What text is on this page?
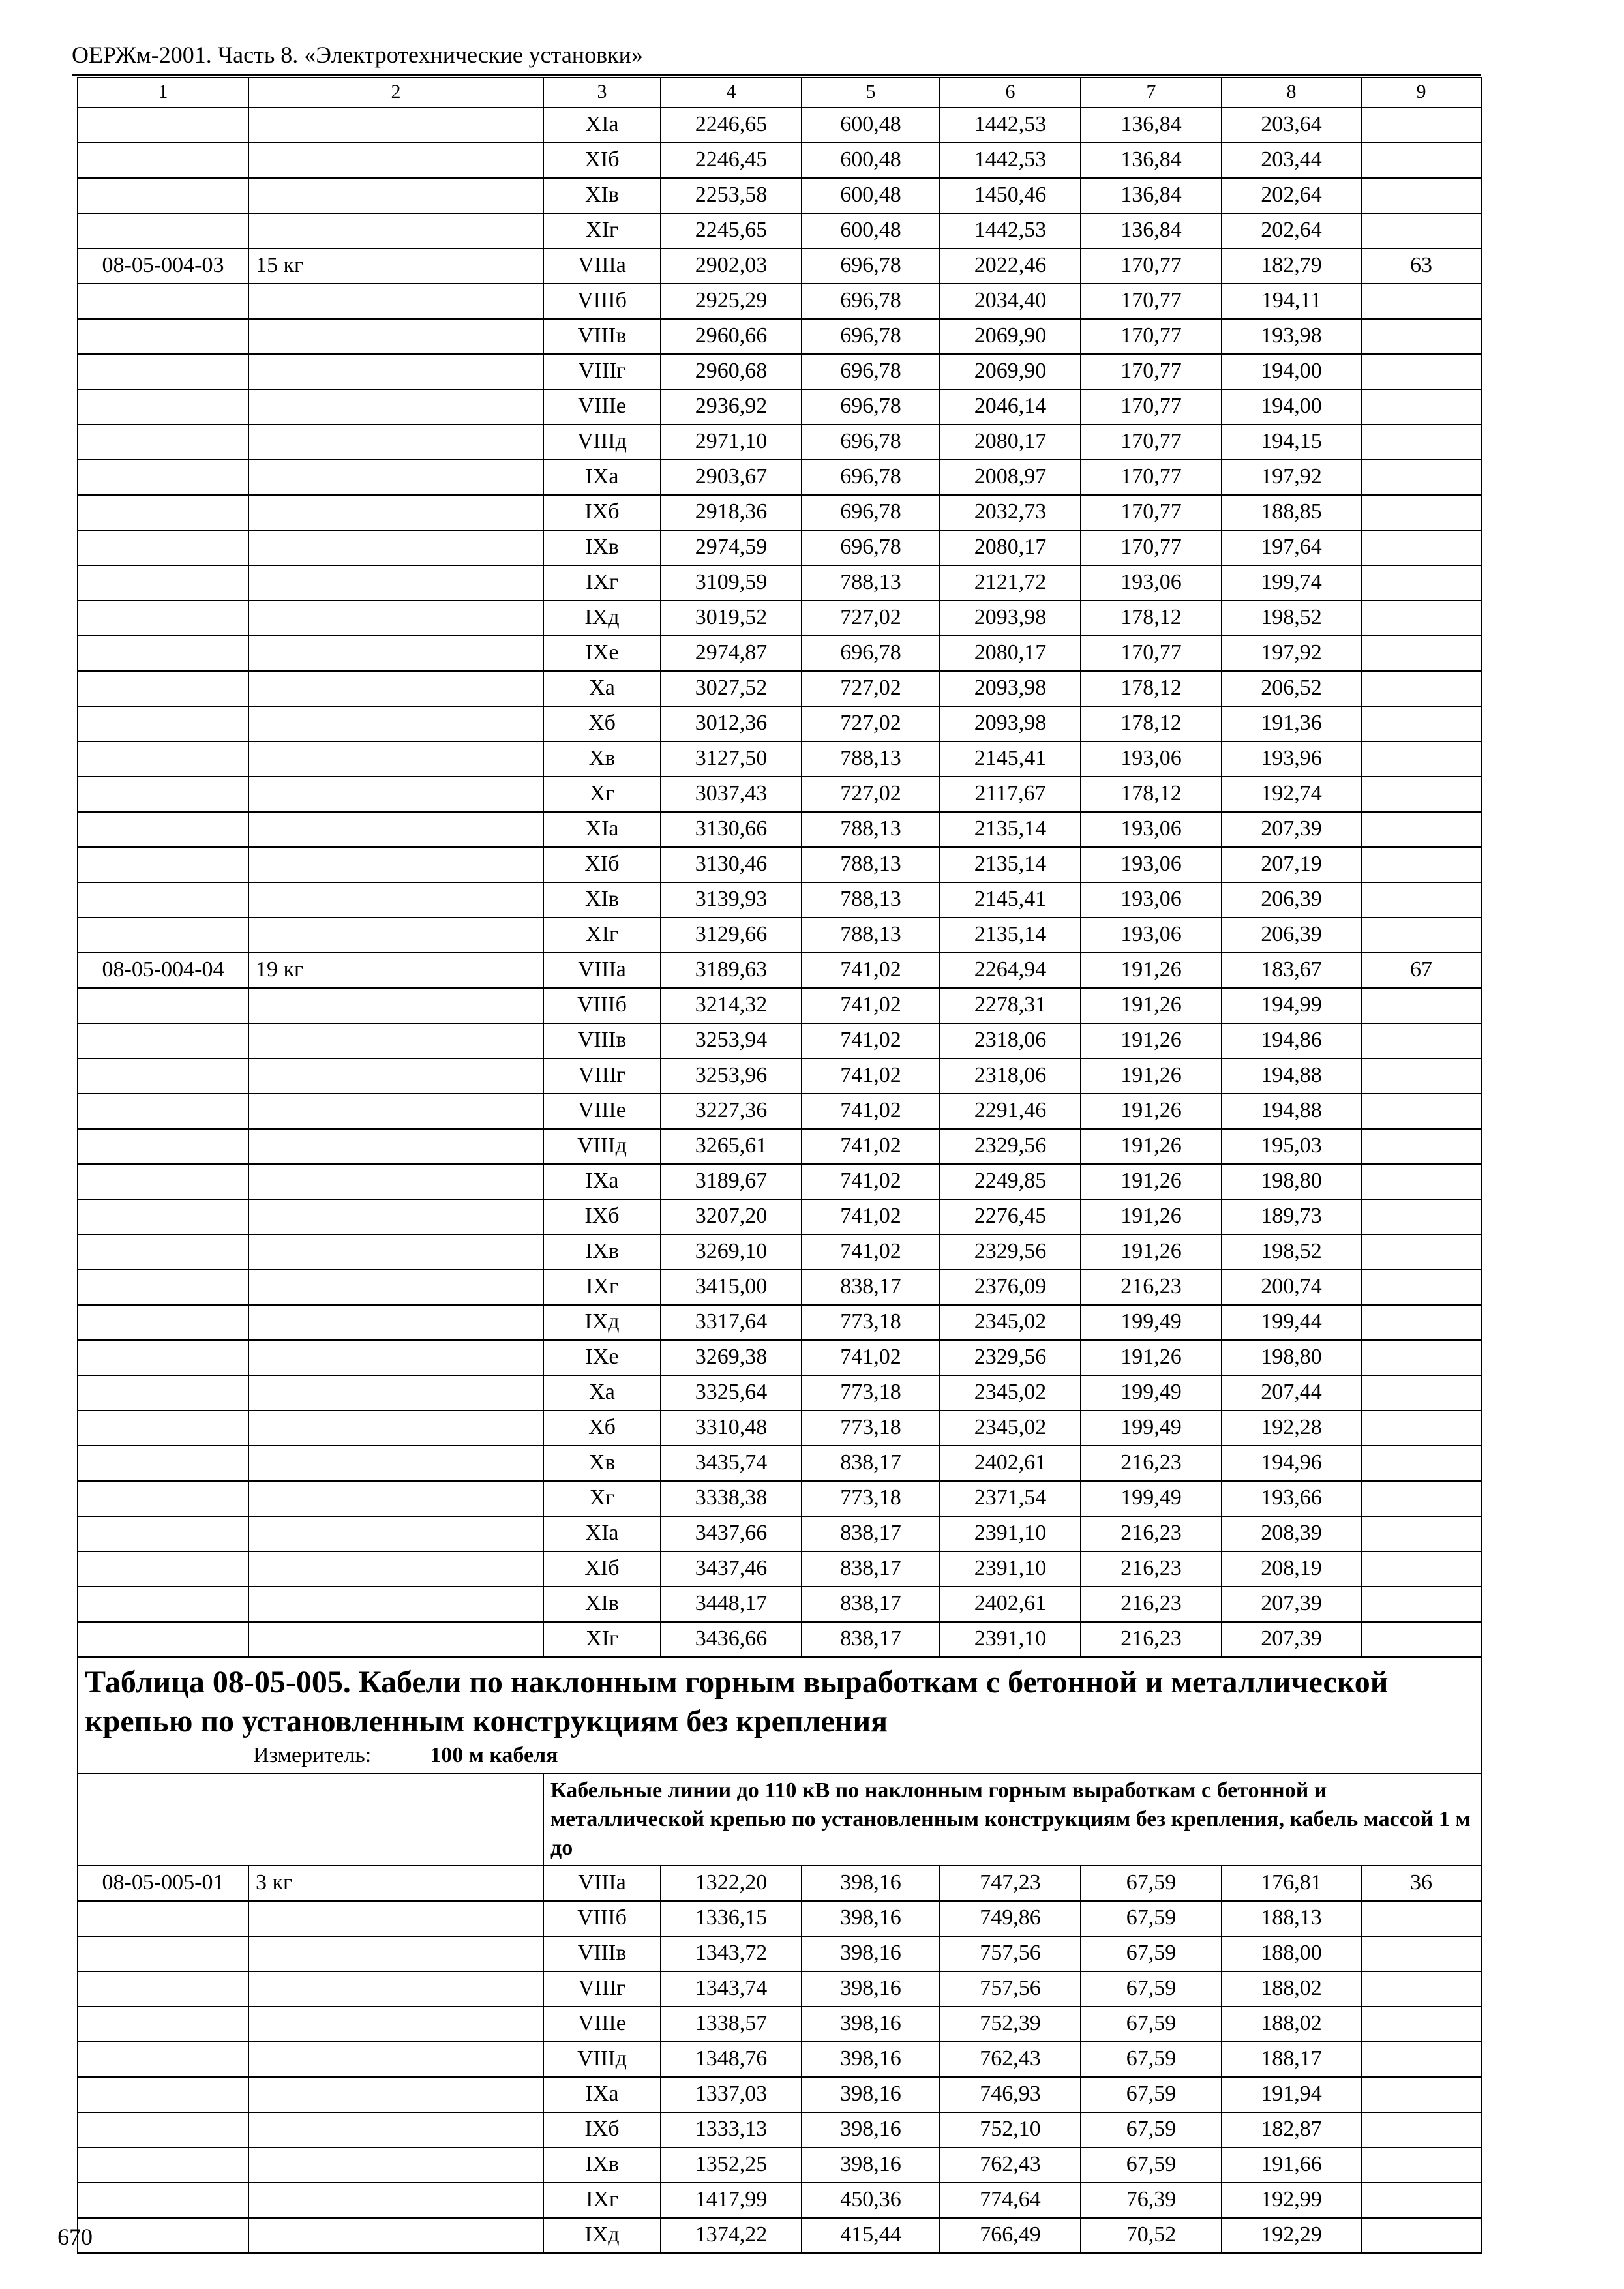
ОЕРЖм-2001. Часть 8. «Электротехнические установки»
1	2	3	4	5	6	7	8	9
		XIа	2246,65	600,48	1442,53	136,84	203,64	
		XIб	2246,45	600,48	1442,53	136,84	203,44	
		XIв	2253,58	600,48	1450,46	136,84	202,64	
		XIг	2245,65	600,48	1442,53	136,84	202,64	
08-05-004-03	15 кг	VIIIа	2902,03	696,78	2022,46	170,77	182,79	63
		VIIIб	2925,29	696,78	2034,40	170,77	194,11	
		VIIIв	2960,66	696,78	2069,90	170,77	193,98	
		VIIIг	2960,68	696,78	2069,90	170,77	194,00	
		VIIIе	2936,92	696,78	2046,14	170,77	194,00	
		VIIIд	2971,10	696,78	2080,17	170,77	194,15	
		IXа	2903,67	696,78	2008,97	170,77	197,92	
		IXб	2918,36	696,78	2032,73	170,77	188,85	
		IXв	2974,59	696,78	2080,17	170,77	197,64	
		IXг	3109,59	788,13	2121,72	193,06	199,74	
		IXд	3019,52	727,02	2093,98	178,12	198,52	
		IXе	2974,87	696,78	2080,17	170,77	197,92	
		Xа	3027,52	727,02	2093,98	178,12	206,52	
		Xб	3012,36	727,02	2093,98	178,12	191,36	
		Xв	3127,50	788,13	2145,41	193,06	193,96	
		Xг	3037,43	727,02	2117,67	178,12	192,74	
		XIа	3130,66	788,13	2135,14	193,06	207,39	
		XIб	3130,46	788,13	2135,14	193,06	207,19	
		XIв	3139,93	788,13	2145,41	193,06	206,39	
		XIг	3129,66	788,13	2135,14	193,06	206,39	
08-05-004-04	19 кг	VIIIа	3189,63	741,02	2264,94	191,26	183,67	67
		VIIIб	3214,32	741,02	2278,31	191,26	194,99	
		VIIIв	3253,94	741,02	2318,06	191,26	194,86	
		VIIIг	3253,96	741,02	2318,06	191,26	194,88	
		VIIIе	3227,36	741,02	2291,46	191,26	194,88	
		VIIIд	3265,61	741,02	2329,56	191,26	195,03	
		IXа	3189,67	741,02	2249,85	191,26	198,80	
		IXб	3207,20	741,02	2276,45	191,26	189,73	
		IXв	3269,10	741,02	2329,56	191,26	198,52	
		IXг	3415,00	838,17	2376,09	216,23	200,74	
		IXд	3317,64	773,18	2345,02	199,49	199,44	
		IXе	3269,38	741,02	2329,56	191,26	198,80	
		Xа	3325,64	773,18	2345,02	199,49	207,44	
		Xб	3310,48	773,18	2345,02	199,49	192,28	
		Xв	3435,74	838,17	2402,61	216,23	194,96	
		Xг	3338,38	773,18	2371,54	199,49	193,66	
		XIа	3437,66	838,17	2391,10	216,23	208,39	
		XIб	3437,46	838,17	2391,10	216,23	208,19	
		XIв	3448,17	838,17	2402,61	216,23	207,39	
		XIг	3436,66	838,17	2391,10	216,23	207,39	

Таблица 08-05-005. Кабели по наклонным горным выработкам с бетонной и металлической крепью по установленным конструкциям без крепления
Измеритель: 100 м кабеля								

		Кабельные линии до 110 кВ по наклонным горным выработкам с бетонной и металлической крепью по установленным конструкциям без крепления, кабель массой 1 м до						
08-05-005-01	3 кг	VIIIа	1322,20	398,16	747,23	67,59	176,81	36
		VIIIб	1336,15	398,16	749,86	67,59	188,13	
		VIIIв	1343,72	398,16	757,56	67,59	188,00	
		VIIIг	1343,74	398,16	757,56	67,59	188,02	
		VIIIе	1338,57	398,16	752,39	67,59	188,02	
		VIIIд	1348,76	398,16	762,43	67,59	188,17	
		IXа	1337,03	398,16	746,93	67,59	191,94	
		IXб	1333,13	398,16	752,10	67,59	182,87	
		IXв	1352,25	398,16	762,43	67,59	191,66	
		IXг	1417,99	450,36	774,64	76,39	192,99	
		IXд	1374,22	415,44	766,49	70,52	192,29	
670
